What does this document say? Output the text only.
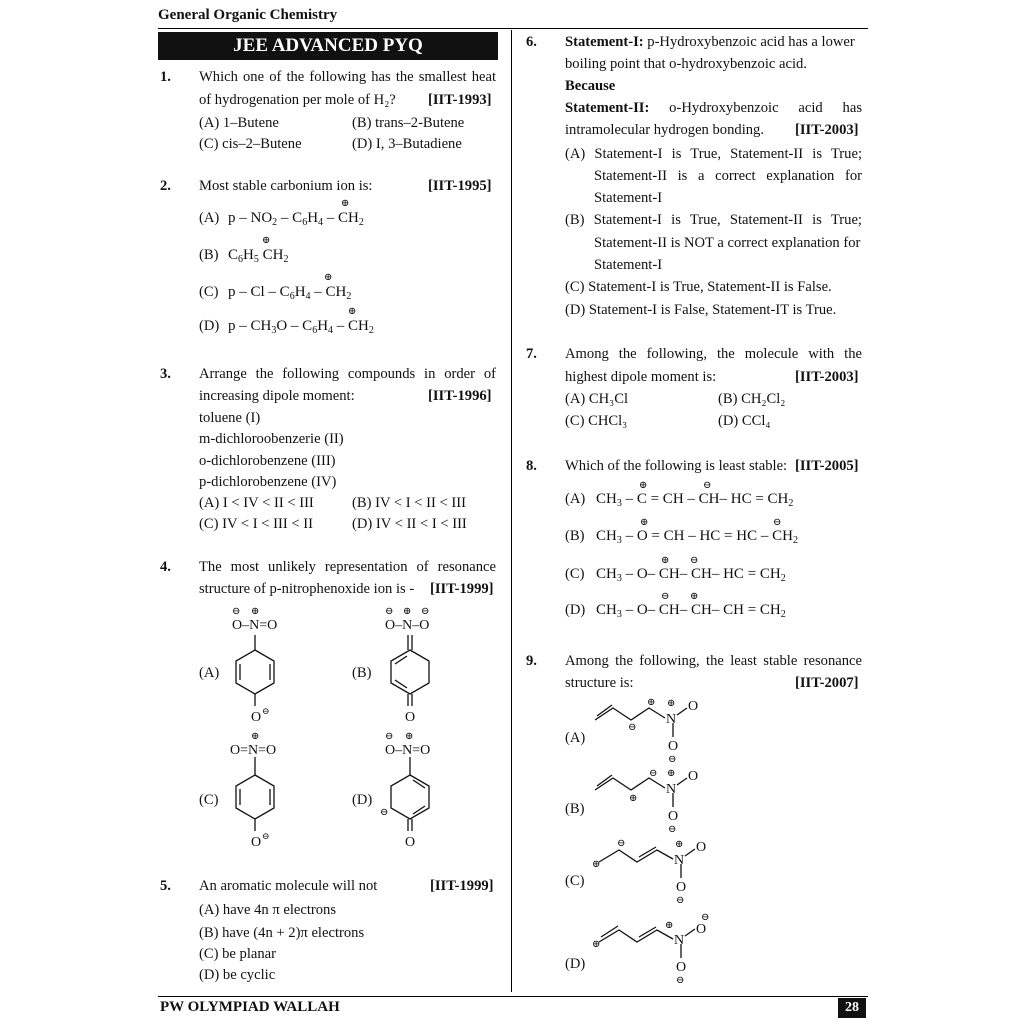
General Organic Chemistry
JEE ADVANCED PYQ
1. Which one of the following has the smallest heat
of hydrogenation per mole of H₂? [IIT-1993]
(A) 1–Butene	(B) trans–2-Butene
(C) cis–2–Butene	(D) I, 3–Butadiene
2. Most stable carbonium ion is:	[IIT-1995]
(A) p – $NO_2 - C_6H_4 - CH_2$
⊕
(B) $C_6H_5$ $CH_2$
⊕
(C) p – Cl – $C_6H_4 - CH_2$
⊕
(D) p – $CH_3O - C_6H_4 - CH_2$
⊕
3. Arrange the following compounds in order of
increasing dipole moment:	[IIT-1996]
toluene (I)
m-dichloroobenzerie (II)
o-dichlorobenzene (III)
p-dichlorobenzene (IV)
(A) I < IV < II < III	(B) IV < I < II < III
(C) IV < I < III < II	(D) IV < II < I < III
4. The most unlikely representation of resonance
structure of p-nitrophenoxide ion is - [IIT-1999]
(A)	(B)
(C)	(D)
O–N=O
⊖ ⊕
O ⊖
O–N–O
⊖ ⊕ ⊖
O
O=N=O
⊕
O ⊖
O–N=O
⊖ ⊕
⊖
O
5. An aromatic molecule will not	[IIT-1999]
(A) have 4n π electrons
(B) have (4n + 2)π electrons
(C) be planar
(D) be cyclic
6. Statement-I: p-Hydroxybenzoic acid has a lower
boiling point that o-hydroxybenzoic acid.
Because
Statement-II: o-Hydroxybenzoic acid has
intramolecular hydrogen bonding. [IIT-2003]
(A) Statement-I is True, Statement-II is True;
Statement-II is a correct explanation for
Statement-I
(B) Statement-I is True, Statement-II is True;
Statement-II is NOT a correct explanation for
Statement-I
(C) Statement-I is True, Statement-II is False.
(D) Statement-I is False, Statement-IT is True.
7. Among the following, the molecule with the
highest dipole moment is:	[IIT-2003]
(A) CH₃Cl	(B) CH₂Cl₂
(C) CHCl₃	(D) CCl₄
8. Which of the following is least stable: [IIT-2005]
(A) $CH_3$ – C = CH – CH– HC = $CH_2$
⊕	⊖
(B) $CH_3$ – O = CH – HC = HC – $CH_2$
⊕	⊖
(C) $CH_3 - O-$ CH– CH– HC = $CH_2$
⊕ ⊖
(D) $CH_3 - O-$ CH– CH– CH = $CH_2$
⊖ ⊕
9. Among the following, the least stable resonance
structure is:	[IIT-2007]
(A)
(B)
(C)
(D)
N
O
O
⊕
⊖
⊕
⊖
N
O
O
⊕
⊕
⊖
⊖
N
O
O
⊕
⊕
⊖
⊖
N
O
O
⊕
⊕
⊖
⊖
PW OLYMPIAD WALLAH	28
